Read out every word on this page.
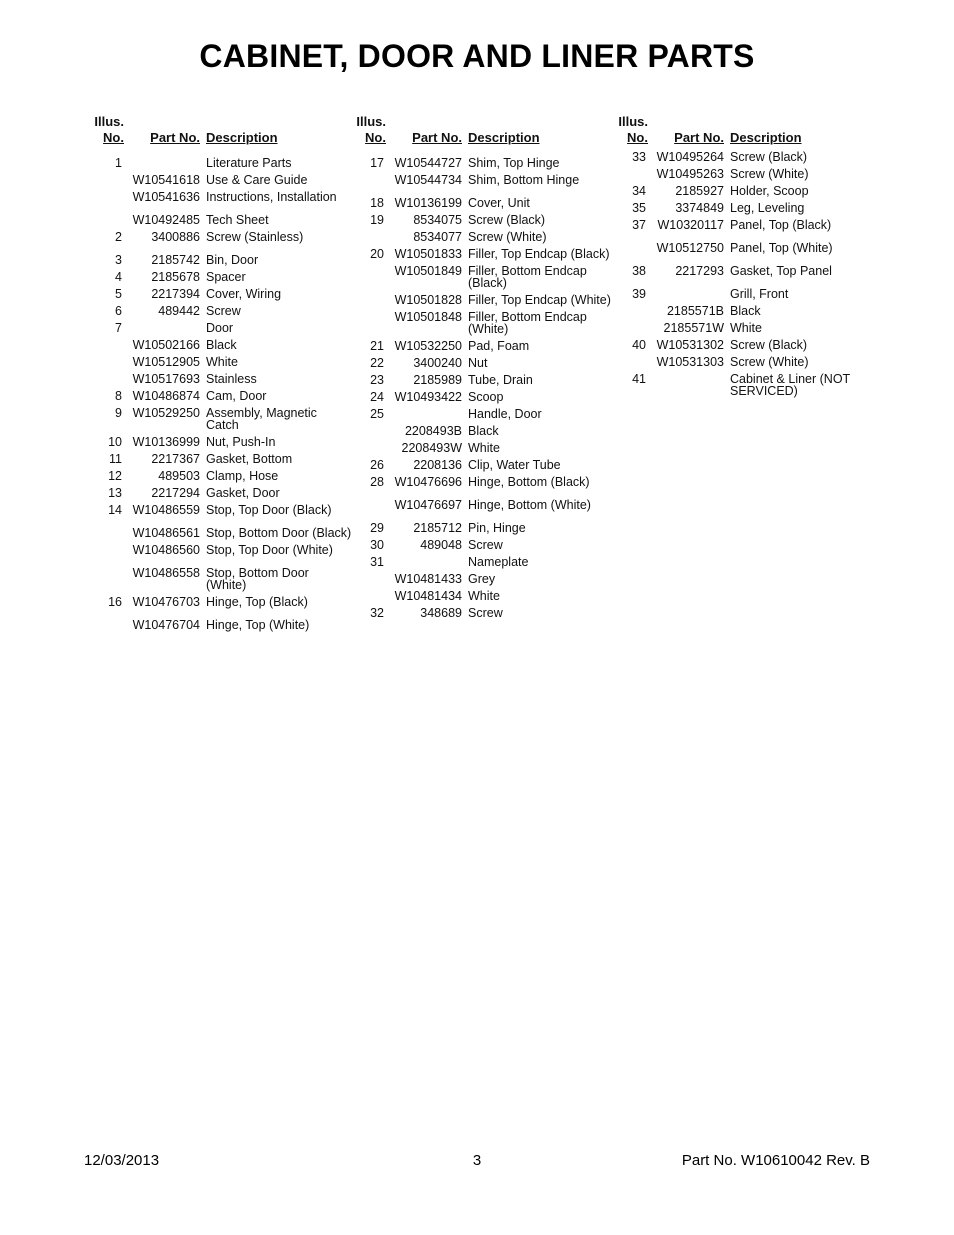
CABINET, DOOR AND LINER PARTS
Illus.
No.	Part No. Description
1	Literature Parts
W10541618 Use & Care Guide
W10541636 Instructions, Installation
W10492485 Tech Sheet
2	3400886 Screw (Stainless)
3	2185742 Bin, Door
4	2185678 Spacer
5	2217394 Cover, Wiring
6	489442 Screw
7	Door
W10502166 Black
W10512905 White
W10517693 Stainless
8 W10486874 Cam, Door
9 W10529250 Assembly, Magnetic Catch
10 W10136999 Nut, Push-In
11	2217367 Gasket, Bottom
12	489503 Clamp, Hose
13	2217294 Gasket, Door
14 W10486559 Stop, Top Door (Black)
W10486561 Stop, Bottom Door (Black)
W10486560 Stop, Top Door (White)
W10486558 Stop, Bottom Door (White)
16 W10476703 Hinge, Top (Black)
W10476704 Hinge, Top (White)
Illus.
No.	Part No. Description
17 W10544727 Shim, Top Hinge
W10544734 Shim, Bottom Hinge
18 W10136199 Cover, Unit
19	8534075 Screw (Black)
8534077 Screw (White)
20 W10501833 Filler, Top Endcap (Black)
W10501849 Filler, Bottom Endcap (Black)
W10501828 Filler, Top Endcap (White)
W10501848 Filler, Bottom Endcap (White)
21 W10532250 Pad, Foam
22	3400240 Nut
23	2185989 Tube, Drain
24 W10493422 Scoop
25	Handle, Door
2208493B Black
2208493W White
26	2208136 Clip, Water Tube
28 W10476696 Hinge, Bottom (Black)
W10476697 Hinge, Bottom (White)
29	2185712 Pin, Hinge
30	489048 Screw
31	Nameplate
W10481433 Grey
W10481434 White
32	348689 Screw
Illus.
No.	Part No. Description
33 W10495264 Screw (Black)
W10495263 Screw (White)
34	2185927 Holder, Scoop
35	3374849 Leg, Leveling
37 W10320117 Panel, Top (Black)
W10512750 Panel, Top (White)
38	2217293 Gasket, Top Panel
39	Grill, Front
2185571B Black
2185571W White
40 W10531302 Screw (Black)
W10531303 Screw (White)
41	Cabinet & Liner (NOT SERVICED)
12/03/2013	3	Part No. W10610042 Rev. B
